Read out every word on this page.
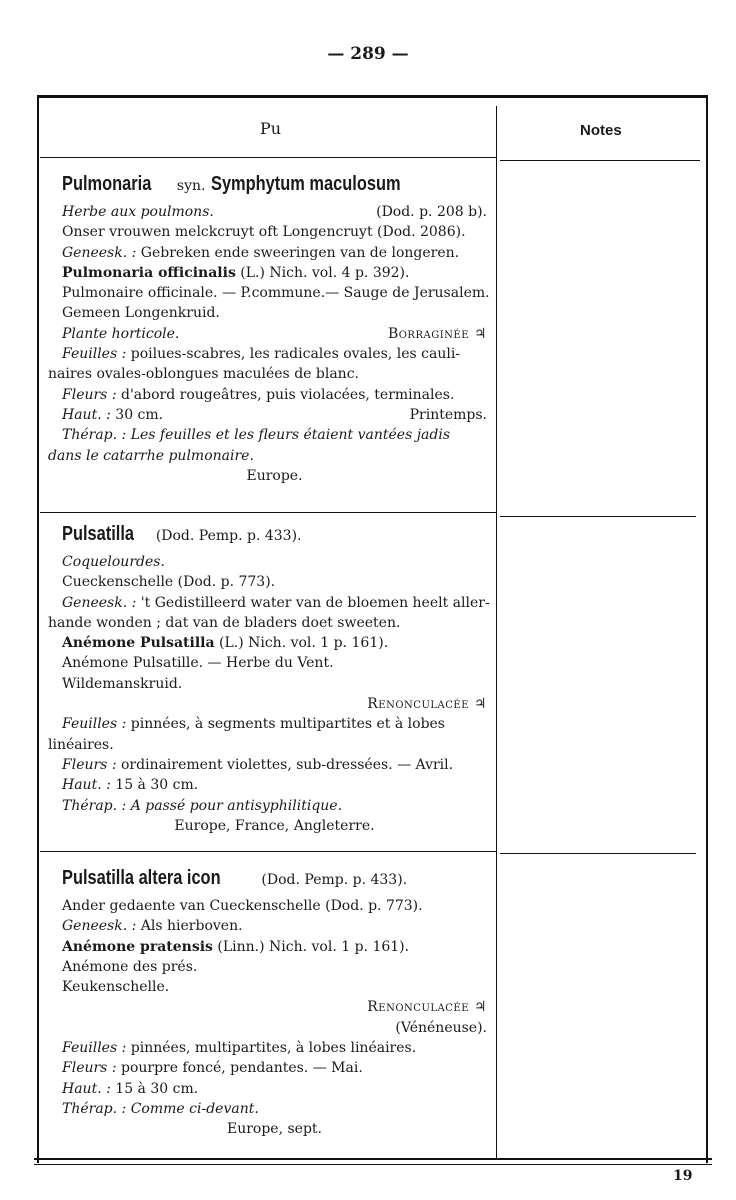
— 289 —
Pu	Notes
Pulmonaria syn. Symphytum maculosum
Herbe aux poulmons.	(Dod. p. 208 b).
Onser vrouwen melckcruyt oft Longencruyt (Dod. 2086).
Geneesk. : Gebreken ende sweeringen van de longeren.
Pulmonaria officinalis (L.) Nich. vol. 4 p. 392).
Pulmonaire officinale. — P.commune.— Sauge de Jerusalem.
Gemeen Longenkruid.
Plante horticole.	Borraginée ♃
Feuilles : poilues-scabres, les radicales ovales, les cauli-
naires ovales-oblongues maculées de blanc.
Fleurs : d'abord rougeâtres, puis violacées, terminales.
Haut. : 30 cm.	Printemps.
Thérap. : Les feuilles et les fleurs étaient vantées jadis
dans le catarrhe pulmonaire.
Europe.
Pulsatilla (Dod. Pemp. p. 433).
Coquelourdes.
Cueckenschelle (Dod. p. 773).
Geneesk. : 't Gedistilleerd water van de bloemen heelt aller-
hande wonden ; dat van de bladers doet sweeten.
Anémone Pulsatilla (L.) Nich. vol. 1 p. 161).
Anémone Pulsatille. — Herbe du Vent.
Wildemanskruid.
Renonculacée ♃
Feuilles : pinnées, à segments multipartites et à lobes
linéaires.
Fleurs : ordinairement violettes, sub-dressées. — Avril.
Haut. : 15 à 30 cm.
Thérap. : A passé pour antisyphilitique.
Europe, France, Angleterre.
Pulsatilla altera icon	(Dod. Pemp. p. 433).
Ander gedaente van Cueckenschelle (Dod. p. 773).
Geneesk. : Als hierboven.
Anémone pratensis (Linn.) Nich. vol. 1 p. 161).
Anémone des prés.
Keukenschelle.
Renonculacée ♃
(Vénéneuse).
Feuilles : pinnées, multipartites, à lobes linéaires.
Fleurs : pourpre foncé, pendantes. — Mai.
Haut. : 15 à 30 cm.
Thérap. : Comme ci-devant.
Europe, sept.
19
